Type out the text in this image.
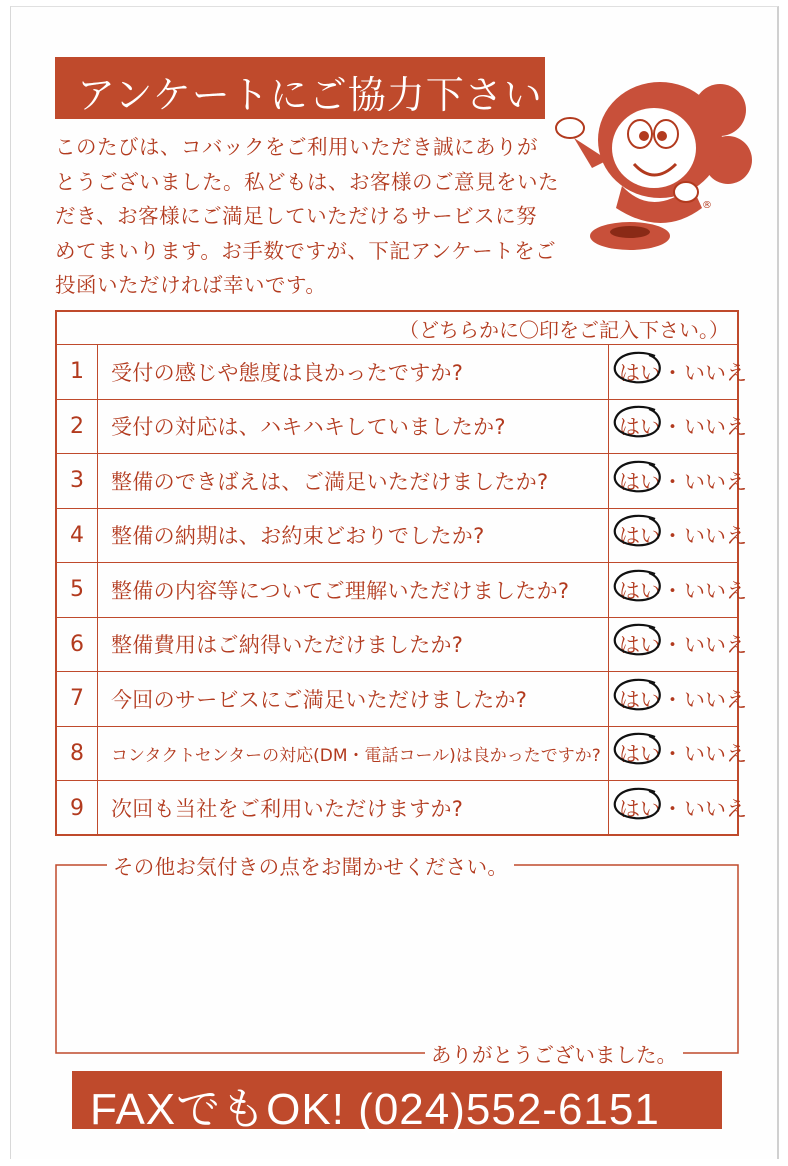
アンケートにご協力下さい
このたびは、コバックをご利用いただき誠にありが
とうございました。私どもは、お客様のご意見をいた
だき、お客様にご満足していただけるサービスに努
めてまいります。お手数ですが、下記アンケートをご
投函いただければ幸いです。
®
（どちらかに〇印をご記入下さい。）
1	受付の感じや態度は良かったですか?	はい ・ いいえ
2	受付の対応は、ハキハキしていましたか?	はい ・ いいえ
3	整備のできばえは、ご満足いただけましたか?	はい ・ いいえ
4	整備の納期は、お約束どおりでしたか?	はい ・ いいえ
5	整備の内容等についてご理解いただけましたか? はい ・ いいえ
6	整備費用はご納得いただけましたか?	はい ・ いいえ
7	今回のサービスにご満足いただけましたか?	はい ・ いいえ
8	コンタクトセンターの対応(DM・電話コール)は良かったですか? はい ・ いいえ
9	次回も当社をご利用いただけますか?	はい ・ いいえ
その他お気付きの点をお聞かせください。
ありがとうございました。
FAXでもOK! (024)552-6151
